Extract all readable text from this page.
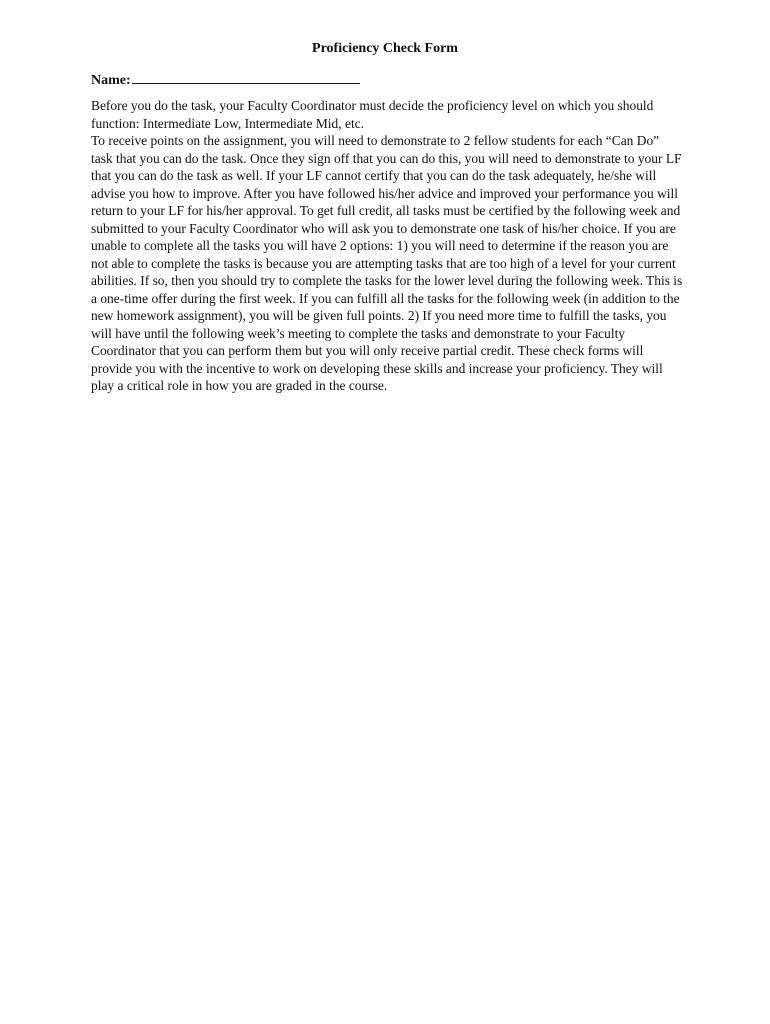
Proficiency Check Form
Name:

Before you do the task, your Faculty Coordinator must decide the proficiency level on which you should function: Intermediate Low, Intermediate Mid, etc.

To receive points on the assignment, you will need to demonstrate to 2 fellow students for each “Can Do” task that you can do the task. Once they sign off that you can do this, you will need to demonstrate to your LF that you can do the task as well. If your LF cannot certify that you can do the task adequately, he/she will advise you how to improve. After you have followed his/her advice and improved your performance you will return to your LF for his/her approval. To get full credit, all tasks must be certified by the following week and submitted to your Faculty Coordinator who will ask you to demonstrate one task of his/her choice. If you are unable to complete all the tasks you will have 2 options: 1) you will need to determine if the reason you are not able to complete the tasks is because you are attempting tasks that are too high of a level for your current abilities. If so, then you should try to complete the tasks for the lower level during the following week. This is a one-time offer during the first week. If you can fulfill all the tasks for the following week (in addition to the new homework assignment), you will be given full points. 2) If you need more time to fulfill the tasks, you will have until the following week’s meeting to complete the tasks and demonstrate to your Faculty Coordinator that you can perform them but you will only receive partial credit. These check forms will provide you with the incentive to work on developing these skills and increase your proficiency. They will play a critical role in how you are graded in the course.
